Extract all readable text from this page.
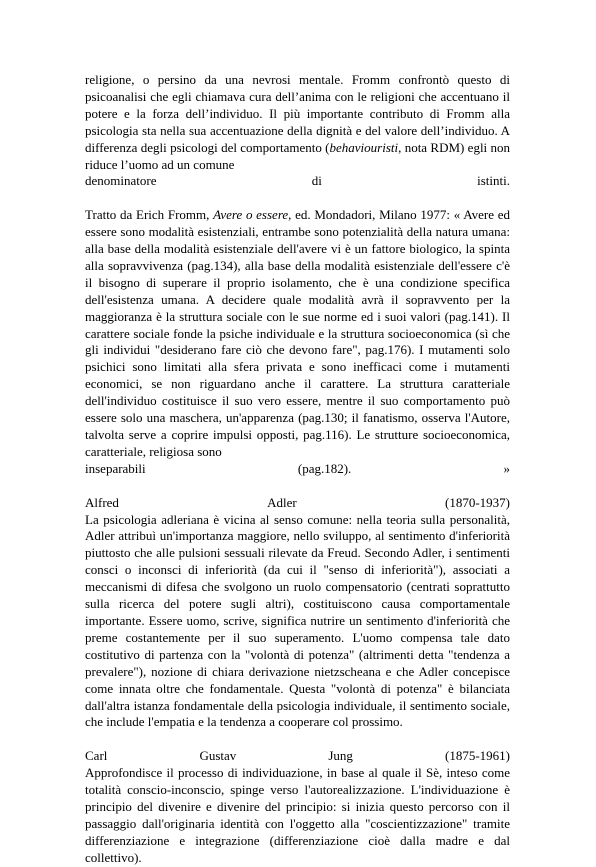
religione, o persino da una nevrosi mentale. Fromm confrontò questo di psicoanalisi che egli chiamava cura dell’anima con le religioni che accentuano il potere e la forza dell’individuo. Il più importante contributo di Fromm alla psicologia sta nella sua accentuazione della dignità e del valore dell’individuo. A differenza degli psicologi del comportamento (behaviouristi, nota RDM) egli non riduce l’uomo ad un comune

denominatore	di	istinti.

Tratto da Erich Fromm, Avere o essere, ed. Mondadori, Milano 1977: « Avere ed essere sono modalità esistenziali, entrambe sono potenzialità della natura umana: alla base della modalità esistenziale dell'avere vi è un fattore biologico, la spinta alla sopravvivenza (pag.134), alla base della modalità esistenziale dell'essere c'è il bisogno di superare il proprio isolamento, che è una condizione specifica dell'esistenza umana. A decidere quale modalità avrà il sopravvento per la maggioranza è la struttura sociale con le sue norme ed i suoi valori (pag.141). Il carattere sociale fonde la psiche individuale e la struttura socioeconomica (sì che gli individui "desiderano fare ciò che devono fare", pag.176). I mutamenti solo psichici sono limitati alla sfera privata e sono inefficaci come i mutamenti economici, se non riguardano anche il carattere. La struttura caratteriale dell'individuo costituisce il suo vero essere, mentre il suo comportamento può essere solo una maschera, un'apparenza (pag.130; il fanatismo, osserva l'Autore, talvolta serve a coprire impulsi opposti, pag.116). Le strutture socioeconomica, caratteriale, religiosa sono

inseparabili	(pag.182).	»
Alfred	Adler	(1870-1937)

La psicologia adleriana è vicina al senso comune: nella teoria sulla personalità, Adler attribuì un'importanza maggiore, nello sviluppo, al sentimento d'inferiorità piuttosto che alle pulsioni sessuali rilevate da Freud. Secondo Adler, i sentimenti consci o inconsci di inferiorità (da cui il "senso di inferiorità"), associati a meccanismi di difesa che svolgono un ruolo compensatorio (centrati soprattutto sulla ricerca del potere sugli altri), costituiscono causa comportamentale importante. Essere uomo, scrive, significa nutrire un sentimento d'inferiorità che preme costantemente per il suo superamento. L'uomo compensa tale dato costitutivo di partenza con la "volontà di potenza" (altrimenti detta "tendenza a prevalere"), nozione di chiara derivazione nietzscheana e che Adler concepisce come innata oltre che fondamentale. Questa "volontà di potenza" è bilanciata dall'altra istanza fondamentale della psicologia individuale, il sentimento sociale, che include l'empatia e la tendenza a cooperare col prossimo.

Carl	Gustav	Jung	(1875-1961)

Approfondisce il processo di individuazione, in base al quale il Sè, inteso come totalità conscio-inconscio, spinge verso l'autorealizzazione. L'individuazione è principio del divenire e divenire del principio: si inizia questo percorso con il passaggio dall'originaria identità con l'oggetto alla "coscientizzazione" tramite differenziazione e integrazione (differenziazione cioè dalla madre e dal collettivo).
